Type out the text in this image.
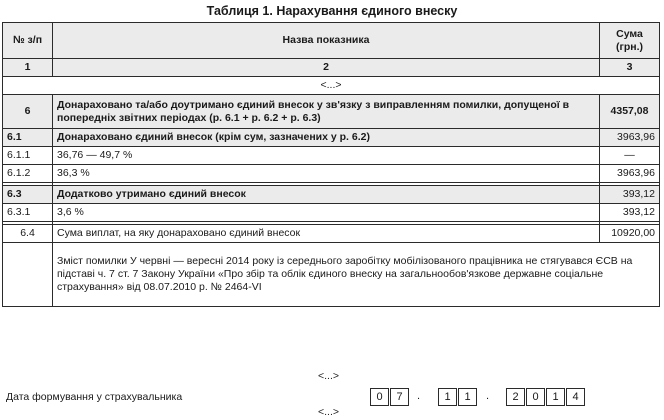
Таблиця 1. Нарахування єдиного внеску
№ з/п	Назва показника	Сума (грн.)
1	2	3
<...>		
6	Донараховано та/або доутримано єдиний внесок у зв'язку з виправленням помилки, допущеної в попередніх звітних періодах (р. 6.1 + р. 6.2 + р. 6.3)	4357,08
6.1	Донараховано єдиний внесок (крім сум, зазначених у р. 6.2)	3963,96
6.1.1	36,76 — 49,7 %	—
6.1.2	36,3 %	3963,96

6.3	Додатково утримано єдиний внесок	393,12
6.3.1	3,6 %	393,12

6.4	Сума виплат, на яку донараховано єдиний внесок	10920,00
	Зміст помилки У червні — вересні 2014 року із середнього заробітку мобілізованого працівника не стягувався ЄСВ на підставі ч. 7 ст. 7 Закону України «Про збір та облік єдиного внеску на загальнообов'язкове державне соціальне страхування» від 08.07.2010 р. № 2464-VI	
<...>
Дата формування у страхувальника	0	7	.	1	1	.	2	0	1	4
<...>
